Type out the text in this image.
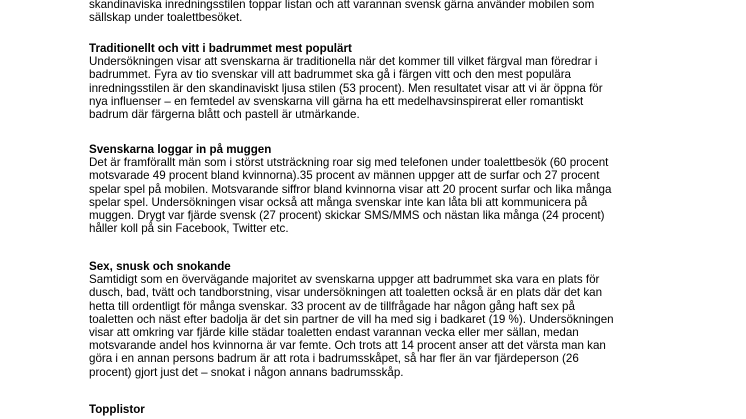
skandinaviska inredningsstilen toppar listan och att varannan svensk gärna använder mobilen som
sällskap under toalettbesöket.
Traditionellt och vitt i badrummet mest populärt
Undersökningen visar att svenskarna är traditionella när det kommer till vilket färgval man föredrar i
badrummet. Fyra av tio svenskar vill att badrummet ska gå i färgen vitt och den mest populära
inredningsstilen är den skandinaviskt ljusa stilen (53 procent). Men resultatet visar att vi är öppna för
nya influenser – en femtedel av svenskarna vill gärna ha ett medelhavsinspirerat eller romantiskt
badrum där färgerna blått och pastell är utmärkande.
Svenskarna loggar in på muggen
Det är framförallt män som i störst utsträckning roar sig med telefonen under toalettbesök (60 procent
motsvarade 49 procent bland kvinnorna).35 procent av männen uppger att de surfar och 27 procent
spelar spel på mobilen. Motsvarande siffror bland kvinnorna visar att 20 procent surfar och lika många
spelar spel. Undersökningen visar också att många svenskar inte kan låta bli att kommunicera på
muggen. Drygt var fjärde svensk (27 procent) skickar SMS/MMS och nästan lika många (24 procent)
håller koll på sin Facebook, Twitter etc.
Sex, snusk och snokande
Samtidigt som en övervägande majoritet av svenskarna uppger att badrummet ska vara en plats för
dusch, bad, tvätt och tandborstning, visar undersökningen att toaletten också är en plats där det kan
hetta till ordentligt för många svenskar. 33 procent av de tillfrågade har någon gång haft sex på
toaletten och näst efter badolja är det sin partner de vill ha med sig i badkaret (19 %). Undersökningen
visar att omkring var fjärde kille städar toaletten endast varannan vecka eller mer sällan, medan
motsvarande andel hos kvinnorna är var femte. Och trots att 14 procent anser att det värsta man kan
göra i en annan persons badrum är att rota i badrumsskåpet, så har fler än var fjärdeperson (26
procent) gjort just det – snokat i någon annans badrumsskåp.
Topplistor
